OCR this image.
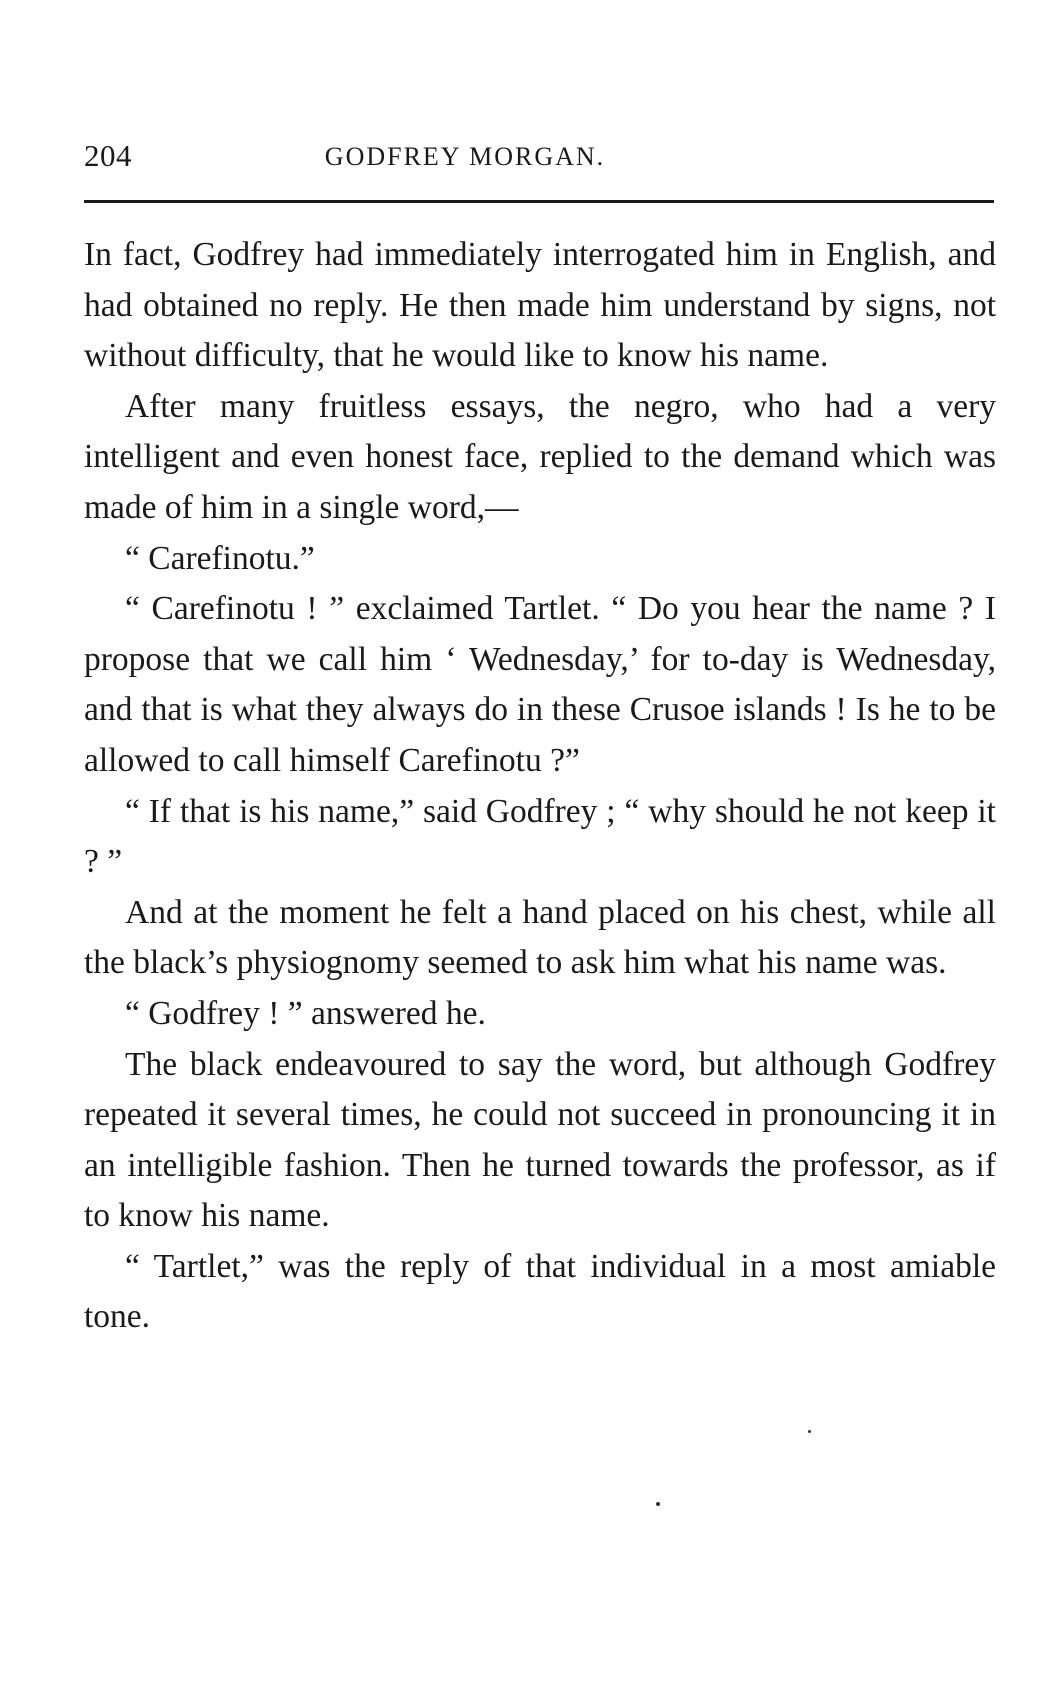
204	GODFREY MORGAN.

In fact, Godfrey had immediately interrogated him in English, and had obtained no reply. He then made him understand by signs, not without difficulty, that he would like to know his name.

After many fruitless essays, the negro, who had a very intelligent and even honest face, replied to the demand which was made of him in a single word,—

“ Carefinotu.”

“ Carefinotu ! ” exclaimed Tartlet. “ Do you hear the name ? I propose that we call him ‘ Wednesday,’ for to-day is Wednesday, and that is what they always do in these Crusoe islands ! Is he to be allowed to call himself Carefinotu ?”

“ If that is his name,” said Godfrey ; “ why should he not keep it ? ”

And at the moment he felt a hand placed on his chest, while all the black’s physiognomy seemed to ask him what his name was.

“ Godfrey ! ” answered he.

The black endeavoured to say the word, but although Godfrey repeated it several times, he could not succeed in pronouncing it in an intelligible fashion. Then he turned towards the professor, as if to know his name.

“ Tartlet,” was the reply of that individual in a most amiable tone.
